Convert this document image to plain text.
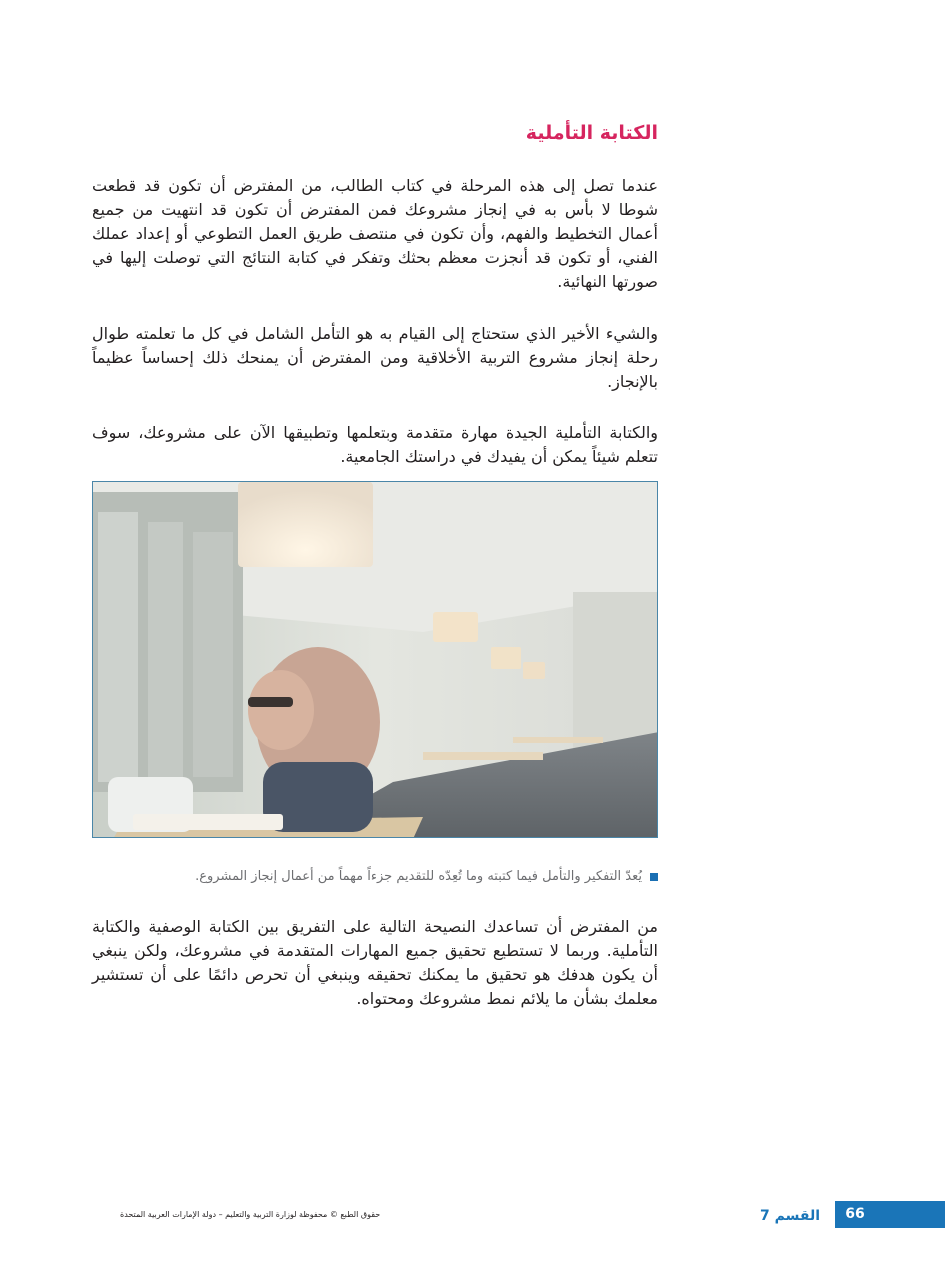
الكتابة التأملية

عندما تصل إلى هذه المرحلة في كتاب الطالب، من المفترض أن تكون قد قطعت شوطا لا بأس به في إنجاز مشروعك فمن المفترض أن تكون قد انتهيت من جميع أعمال التخطيط والفهم، وأن تكون في منتصف طريق العمل التطوعي أو إعداد عملك الفني، أو تكون قد أنجزت معظم بحثك وتفكر في كتابة النتائج التي توصلت إليها في صورتها النهائية.

والشيء الأخير الذي ستحتاج إلى القيام به هو التأمل الشامل في كل ما تعلمته طوال رحلة إنجاز مشروع التربية الأخلاقية ومن المفترض أن يمنحك ذلك إحساساً عظيماً بالإنجاز.

والكتابة التأملية الجيدة مهارة متقدمة وبتعلمها وتطبيقها الآن على مشروعك، سوف تتعلم شيئاً يمكن أن يفيدك في دراستك الجامعية.

يُعدّ التفكير والتأمل فيما كتبته وما تُعِدّه للتقديم جزءاً مهماً من أعمال إنجاز المشروع.

من المفترض أن تساعدك النصيحة التالية على التفريق بين الكتابة الوصفية والكتابة التأملية. وربما لا تستطيع تحقيق جميع المهارات المتقدمة في مشروعك، ولكن ينبغي أن يكون هدفك هو تحقيق ما يمكنك تحقيقه وينبغي أن تحرص دائمًا على أن تستشير معلمك بشأن ما يلائم نمط مشروعك ومحتواه.

66
القسم 7
حقوق الطبع © محفوظة لوزارة التربية والتعليم – دولة الإمارات العربية المتحدة
